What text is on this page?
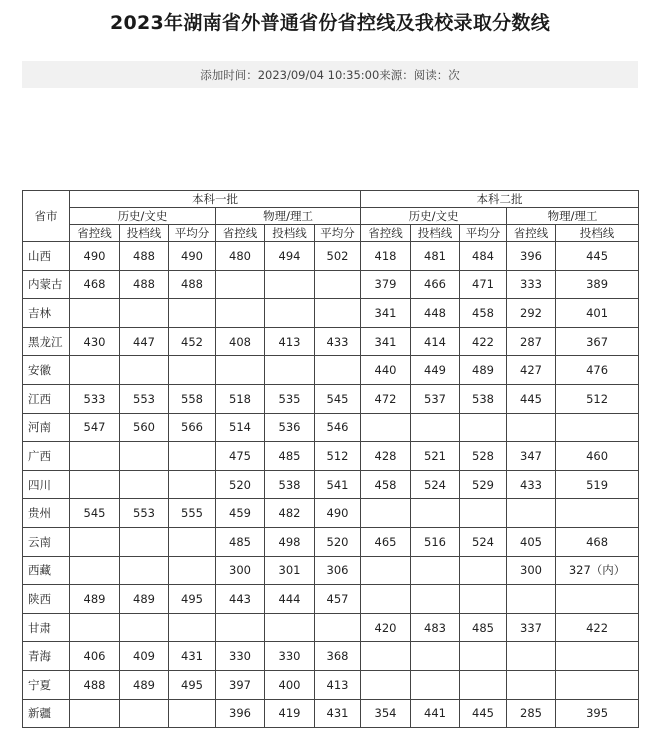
2023年湖南省外普通省份省控线及我校录取分数线
添加时间： 2023/09/04 10:35:00 来源： 阅读： 次
省市	本科一批						本科二批					
	历史/文史			物理/理工			历史/文史			物理/理工		
	省控线	投档线	平均分	省控线	投档线	平均分	省控线	投档线	平均分	省控线	投档线	
山西	490	488	490	480	494	502	418	481	484	396	445	
内蒙古	468	488	488				379	466	471	333	389	
吉林							341	448	458	292	401	
黑龙江	430	447	452	408	413	433	341	414	422	287	367	
安徽							440	449	489	427	476	
江西	533	553	558	518	535	545	472	537	538	445	512	
河南	547	560	566	514	536	546						
广西				475	485	512	428	521	528	347	460	
四川				520	538	541	458	524	529	433	519	
贵州	545	553	555	459	482	490						
云南				485	498	520	465	516	524	405	468	
西藏				300	301	306				300	327（内）	
陕西	489	489	495	443	444	457						
甘肃							420	483	485	337	422	
青海	406	409	431	330	330	368						
宁夏	488	489	495	397	400	413						
新疆				396	419	431	354	441	445	285	395	
